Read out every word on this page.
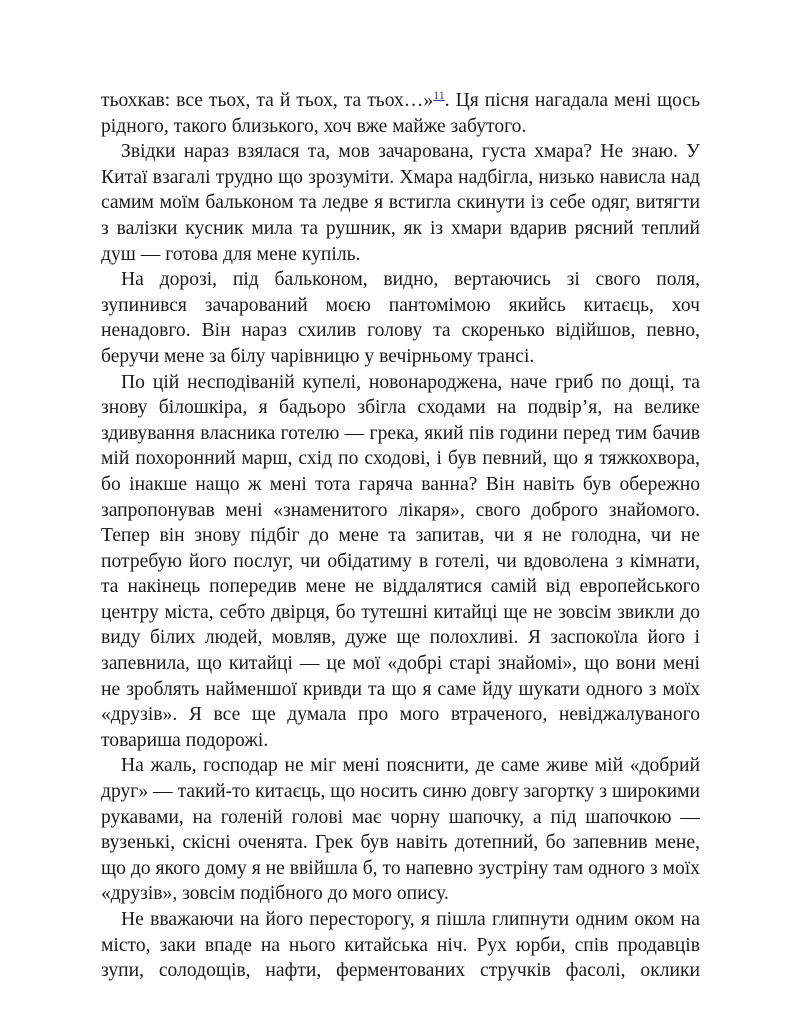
тьохкав: все тьох, та й тьох, та тьох…»$^{11}$. Ця пісня нагадала мені щось рідного, такого близького, хоч вже майже забутого.

Звідки нараз взялася та, мов зачарована, густа хмара? Не знаю. У Китаї взагалі трудно що зрозуміти. Хмара надбігла, низько нависла над самим моїм бальконом та ледве я встигла скинути із себе одяг, витягти з валізки кусник мила та рушник, як із хмари вдарив рясний теплий душ — готова для мене купіль.

На дорозі, під бальконом, видно, вертаючись зі свого поля, зупинився зачарований моєю пантомімою якийсь китаєць, хоч ненадовго. Він нараз схилив голову та скоренько відійшов, певно, беручи мене за білу чарівницю у вечірньому трансі.

По цій несподіваній купелі, новонароджена, наче гриб по дощі, та знову білошкіра, я бадьоро збігла сходами на подвір’я, на велике здивування власника готелю — грека, який пів години перед тим бачив мій похоронний марш, схід по сходові, і був певний, що я тяжкохвора, бо інакше нащо ж мені тота гаряча ванна? Він навіть був обережно запропонував мені «знаменитого лікаря», свого доброго знайомого. Тепер він знову підбіг до мене та запитав, чи я не голодна, чи не потребую його послуг, чи обідатиму в готелі, чи вдоволена з кімнати, та накінець попередив мене не віддалятися самій від европейського центру міста, себто двірця, бо тутешні китайці ще не зовсім звикли до виду білих людей, мовляв, дуже ще полохливі. Я заспокоїла його і запевнила, що китайці — це мої «добрі старі знайомі», що вони мені не зроблять найменшої кривди та що я саме йду шукати одного з моїх «друзів». Я все ще думала про мого втраченого, невіджалуваного товариша подорожі.

На жаль, господар не міг мені пояснити, де саме живе мій «добрий друг» — такий-то китаєць, що носить синю довгу загортку з широкими рукавами, на голеній голові має чорну шапочку, а під шапочкою — вузенькі, скісні оченята. Грек був навіть дотепний, бо запевнив мене, що до якого дому я не ввійшла б, то напевно зустріну там одного з моїх «друзів», зовсім подібного до мого опису.

Не вважаючи на його пересторогу, я пішла глипнути одним оком на місто, заки впаде на нього китайська ніч. Рух юрби, спів продавців зупи, солодощів, нафти, ферментованих стручків фасолі, оклики
